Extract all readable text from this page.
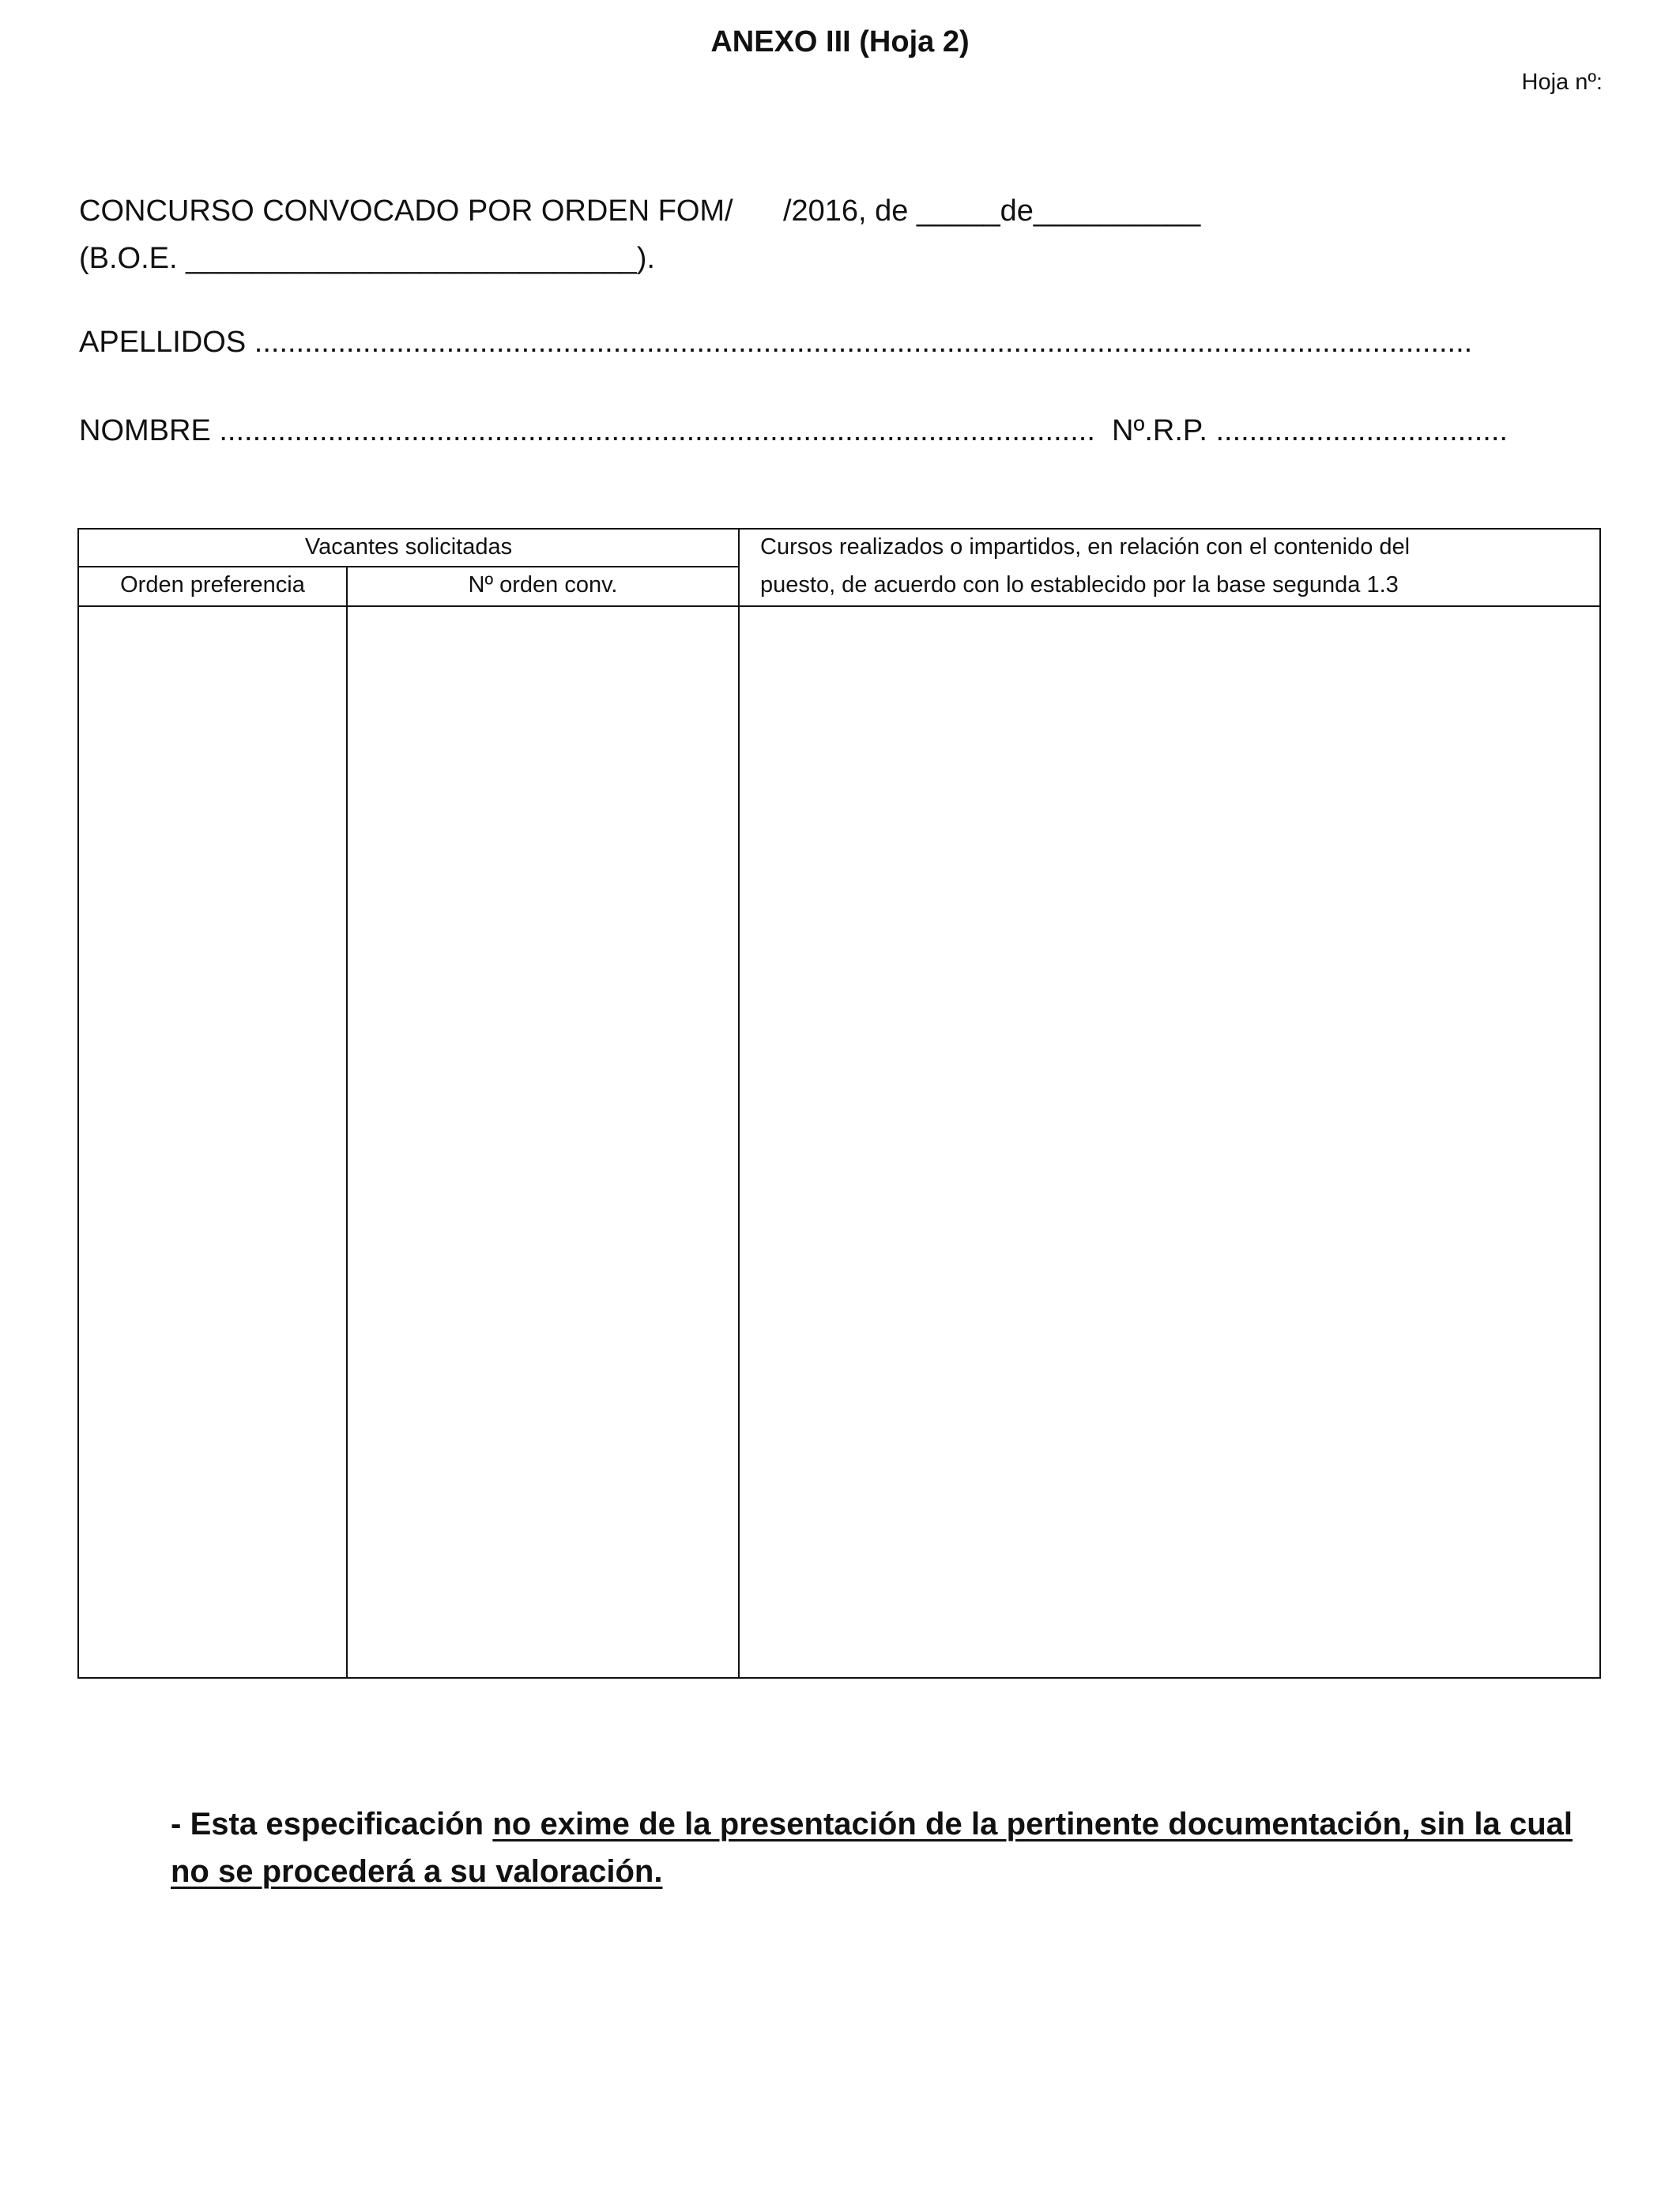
ANEXO III (Hoja 2)
Hoja nº:
CONCURSO CONVOCADO POR ORDEN FOM/      /2016, de _____de__________
(B.O.E. ___________________________).
APELLIDOS ..................................................................................................................................................
NOMBRE .........................................................................................................  Nº.R.P. ...................................
Vacantes solicitadas
Orden preferencia	Nº orden conv.
Cursos realizados o impartidos, en relación con el contenido del
puesto, de acuerdo con lo establecido por la base segunda 1.3
- Esta especificación no exime de la presentación de la pertinente documentación, sin la cual no se procederá a su valoración.
